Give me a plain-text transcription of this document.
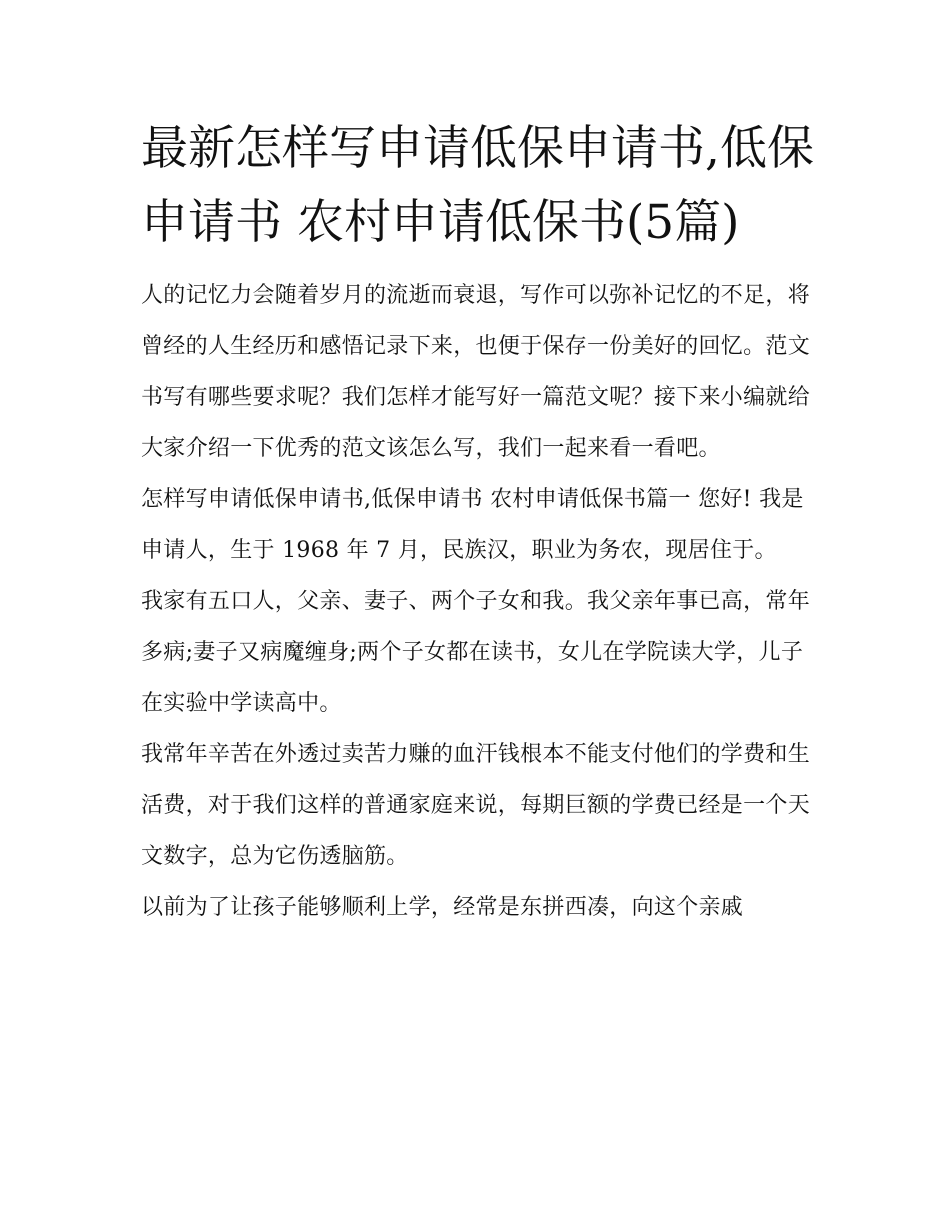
最新怎样写申请低保申请书,低保申请书 农村申请低保书(5篇)

人的记忆力会随着岁月的流逝而衰退，写作可以弥补记忆的不足，将曾经的人生经历和感悟记录下来，也便于保存一份美好的回忆。范文书写有哪些要求呢？我们怎样才能写好一篇范文呢？接下来小编就给大家介绍一下优秀的范文该怎么写，我们一起来看一看吧。

怎样写申请低保申请书,低保申请书 农村申请低保书篇一 您好! 我是申请人，生于 1968 年 7 月，民族汉，职业为务农，现居住于。

我家有五口人，父亲、妻子、两个子女和我。我父亲年事已高，常年多病;妻子又病魔缠身;两个子女都在读书，女儿在学院读大学，儿子在实验中学读高中。

我常年辛苦在外透过卖苦力赚的血汗钱根本不能支付他们的学费和生活费，对于我们这样的普通家庭来说，每期巨额的学费已经是一个天文数字，总为它伤透脑筋。

以前为了让孩子能够顺利上学，经常是东拼西凑，向这个亲戚
